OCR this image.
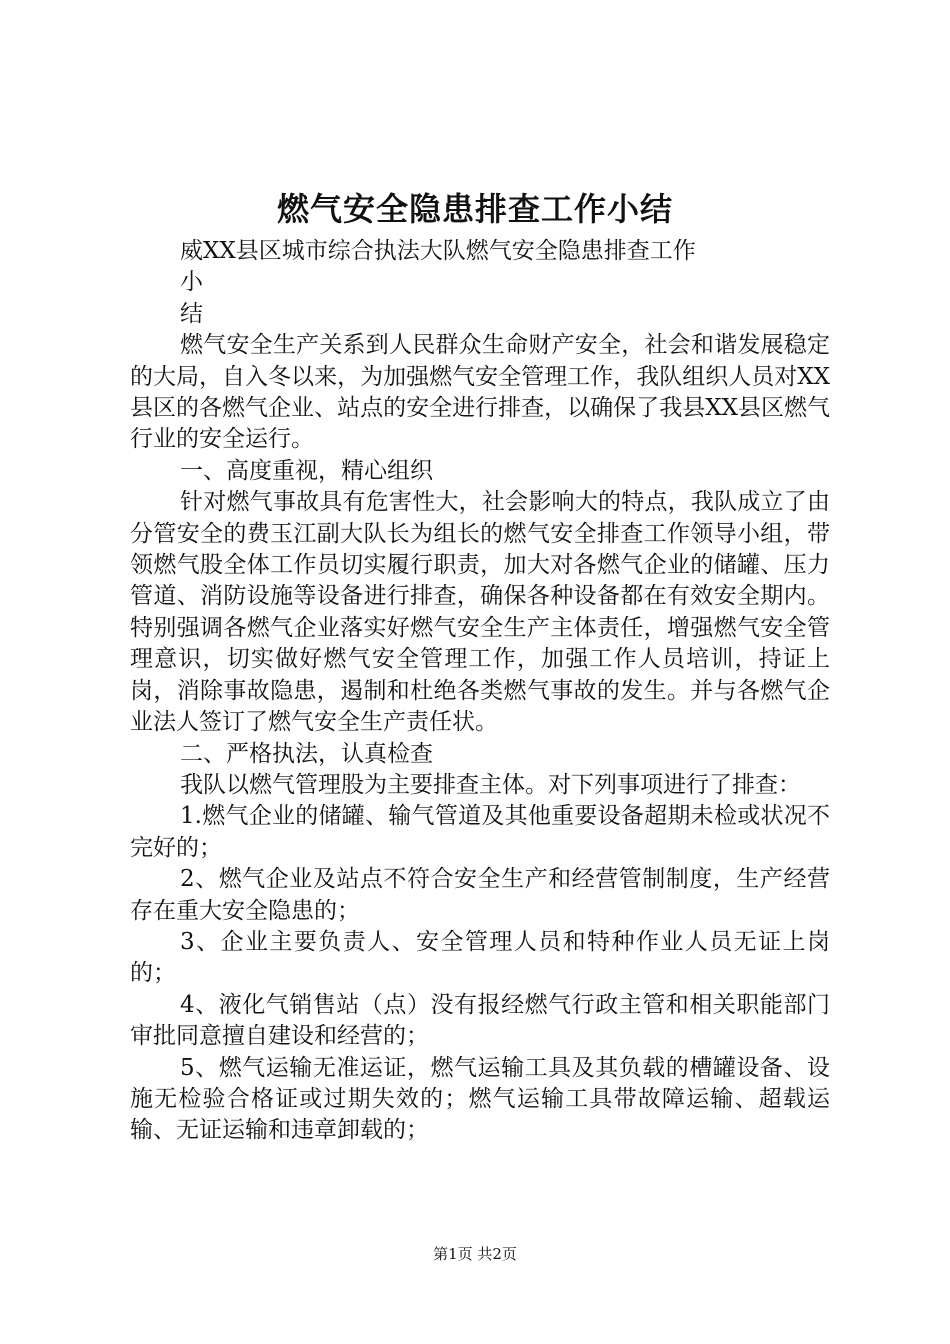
燃气安全隐患排查工作小结

威XX县区城市综合执法大队燃气安全隐患排查工作

小

结

燃气安全生产关系到人民群众生命财产安全，社会和谐发展稳定的大局，自入冬以来，为加强燃气安全管理工作，我队组织人员对XX县区的各燃气企业、站点的安全进行排查，以确保了我县XX县区燃气行业的安全运行。

一、高度重视，精心组织

针对燃气事故具有危害性大，社会影响大的特点，我队成立了由分管安全的费玉江副大队长为组长的燃气安全排查工作领导小组，带领燃气股全体工作员切实履行职责，加大对各燃气企业的储罐、压力管道、消防设施等设备进行排查，确保各种设备都在有效安全期内。特别强调各燃气企业落实好燃气安全生产主体责任，增强燃气安全管理意识，切实做好燃气安全管理工作，加强工作人员培训，持证上岗，消除事故隐患，遏制和杜绝各类燃气事故的发生。并与各燃气企业法人签订了燃气安全生产责任状。

二、严格执法，认真检查

我队以燃气管理股为主要排查主体。对下列事项进行了排查：

1.燃气企业的储罐、输气管道及其他重要设备超期未检或状况不完好的；

2、燃气企业及站点不符合安全生产和经营管制制度，生产经营存在重大安全隐患的；

3、企业主要负责人、安全管理人员和特种作业人员无证上岗的；

4、液化气销售站（点）没有报经燃气行政主管和相关职能部门审批同意擅自建设和经营的；

5、燃气运输无准运证，燃气运输工具及其负载的槽罐设备、设施无检验合格证或过期失效的；燃气运输工具带故障运输、超载运输、无证运输和违章卸载的；

第1页 共2页
